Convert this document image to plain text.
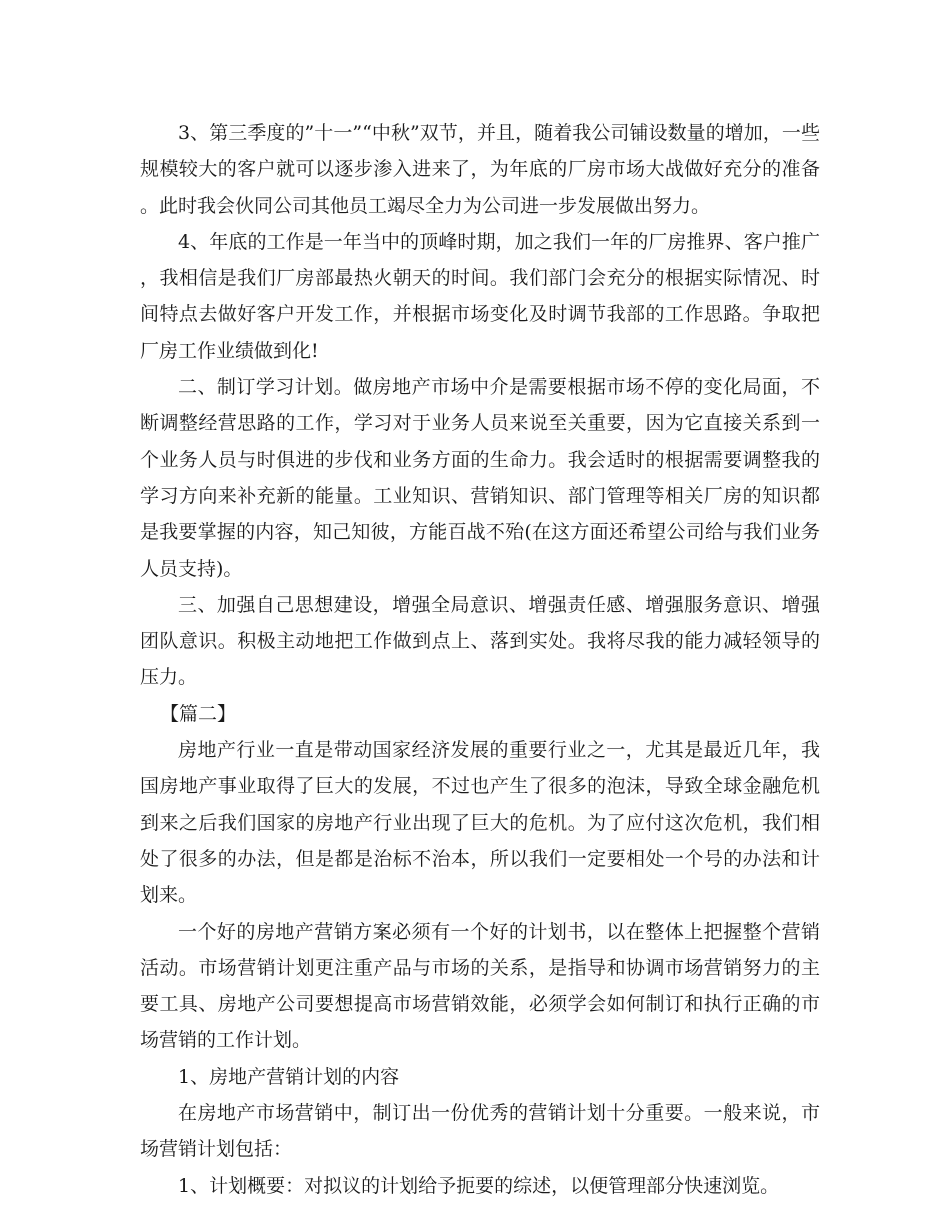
3、第三季度的”十一”“中秋”双节，并且，随着我公司铺设数量的增加，一些规模较大的客户就可以逐步渗入进来了，为年底的厂房市场大战做好充分的准备。此时我会伙同公司其他员工竭尽全力为公司进一步发展做出努力。

4、年底的工作是一年当中的顶峰时期，加之我们一年的厂房推界、客户推广，我相信是我们厂房部最热火朝天的时间。我们部门会充分的根据实际情况、时间特点去做好客户开发工作，并根据市场变化及时调节我部的工作思路。争取把厂房工作业绩做到化!

二、制订学习计划。做房地产市场中介是需要根据市场不停的变化局面，不断调整经营思路的工作，学习对于业务人员来说至关重要，因为它直接关系到一个业务人员与时俱进的步伐和业务方面的生命力。我会适时的根据需要调整我的学习方向来补充新的能量。工业知识、营销知识、部门管理等相关厂房的知识都是我要掌握的内容，知己知彼，方能百战不殆(在这方面还希望公司给与我们业务人员支持)。

三、加强自己思想建设，增强全局意识、增强责任感、增强服务意识、增强团队意识。积极主动地把工作做到点上、落到实处。我将尽我的能力减轻领导的压力。

【篇二】

房地产行业一直是带动国家经济发展的重要行业之一，尤其是最近几年，我国房地产事业取得了巨大的发展，不过也产生了很多的泡沫，导致全球金融危机到来之后我们国家的房地产行业出现了巨大的危机。为了应付这次危机，我们相处了很多的办法，但是都是治标不治本，所以我们一定要相处一个号的办法和计划来。

一个好的房地产营销方案必须有一个好的计划书，以在整体上把握整个营销活动。市场营销计划更注重产品与市场的关系，是指导和协调市场营销努力的主要工具、房地产公司要想提高市场营销效能，必须学会如何制订和执行正确的市场营销的工作计划。

1、房地产营销计划的内容

在房地产市场营销中，制订出一份优秀的营销计划十分重要。一般来说，市场营销计划包括：

1、计划概要：对拟议的计划给予扼要的综述，以便管理部分快速浏览。
